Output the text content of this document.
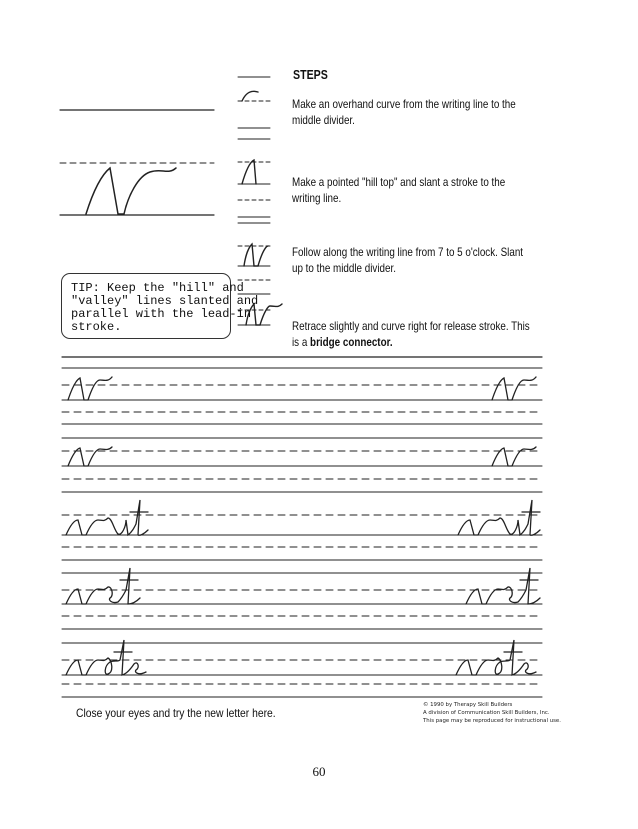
STEPS
Make an overhand curve from the writing line to the
middle divider.
Make a pointed "hill top" and slant a stroke to the
writing line.
Follow along the writing line from 7 to 5 o'clock. Slant
up to the middle divider.
Retrace slightly and curve right for release stroke. This
is a bridge connector.
TIP: Keep the "hill" and
"valley" lines slanted and
parallel with the lead-in
stroke.
Close your eyes and try the new letter here.
© 1990 by Therapy Skill Builders
A division of Communication Skill Builders, Inc.
This page may be reproduced for instructional use.
60
